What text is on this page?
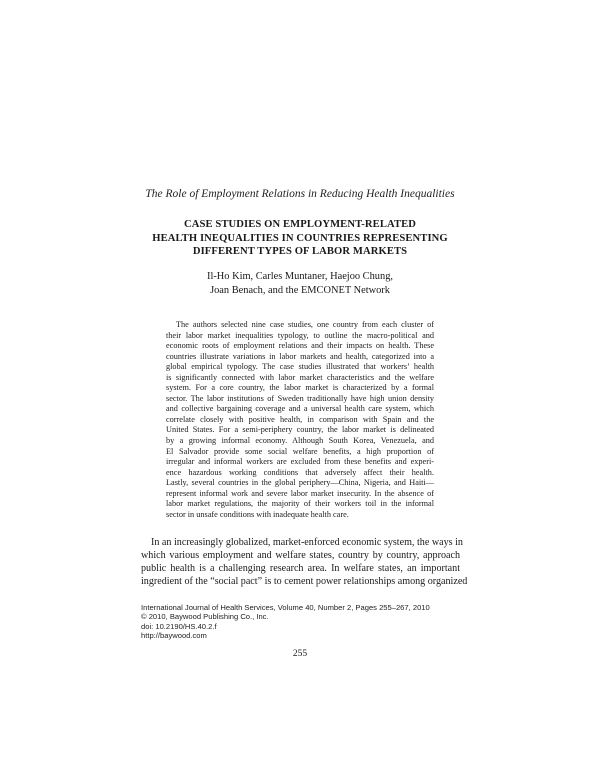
The Role of Employment Relations in Reducing Health Inequalities
CASE STUDIES ON EMPLOYMENT-RELATED
HEALTH INEQUALITIES IN COUNTRIES REPRESENTING
DIFFERENT TYPES OF LABOR MARKETS
Il-Ho Kim, Carles Muntaner, Haejoo Chung,
Joan Benach, and the EMCONET Network
The authors selected nine case studies, one country from each cluster of
their labor market inequalities typology, to outline the macro-political and
economic roots of employment relations and their impacts on health. These
countries illustrate variations in labor markets and health, categorized into a
global empirical typology. The case studies illustrated that workers’ health
is significantly connected with labor market characteristics and the welfare
system. For a core country, the labor market is characterized by a formal
sector. The labor institutions of Sweden traditionally have high union density
and collective bargaining coverage and a universal health care system, which
correlate closely with positive health, in comparison with Spain and the
United States. For a semi-periphery country, the labor market is delineated
by a growing informal economy. Although South Korea, Venezuela, and
El Salvador provide some social welfare benefits, a high proportion of
irregular and informal workers are excluded from these benefits and experi-
ence hazardous working conditions that adversely affect their health.
Lastly, several countries in the global periphery—China, Nigeria, and Haiti—
represent informal work and severe labor market insecurity. In the absence of
labor market regulations, the majority of their workers toil in the informal
sector in unsafe conditions with inadequate health care.
In an increasingly globalized, market-enforced economic system, the ways in
which various employment and welfare states, country by country, approach
public health is a challenging research area. In welfare states, an important
ingredient of the “social pact” is to cement power relationships among organized
International Journal of Health Services, Volume 40, Number 2, Pages 255–267, 2010
© 2010, Baywood Publishing Co., Inc.
doi: 10.2190/HS.40.2.f
http://baywood.com
255
